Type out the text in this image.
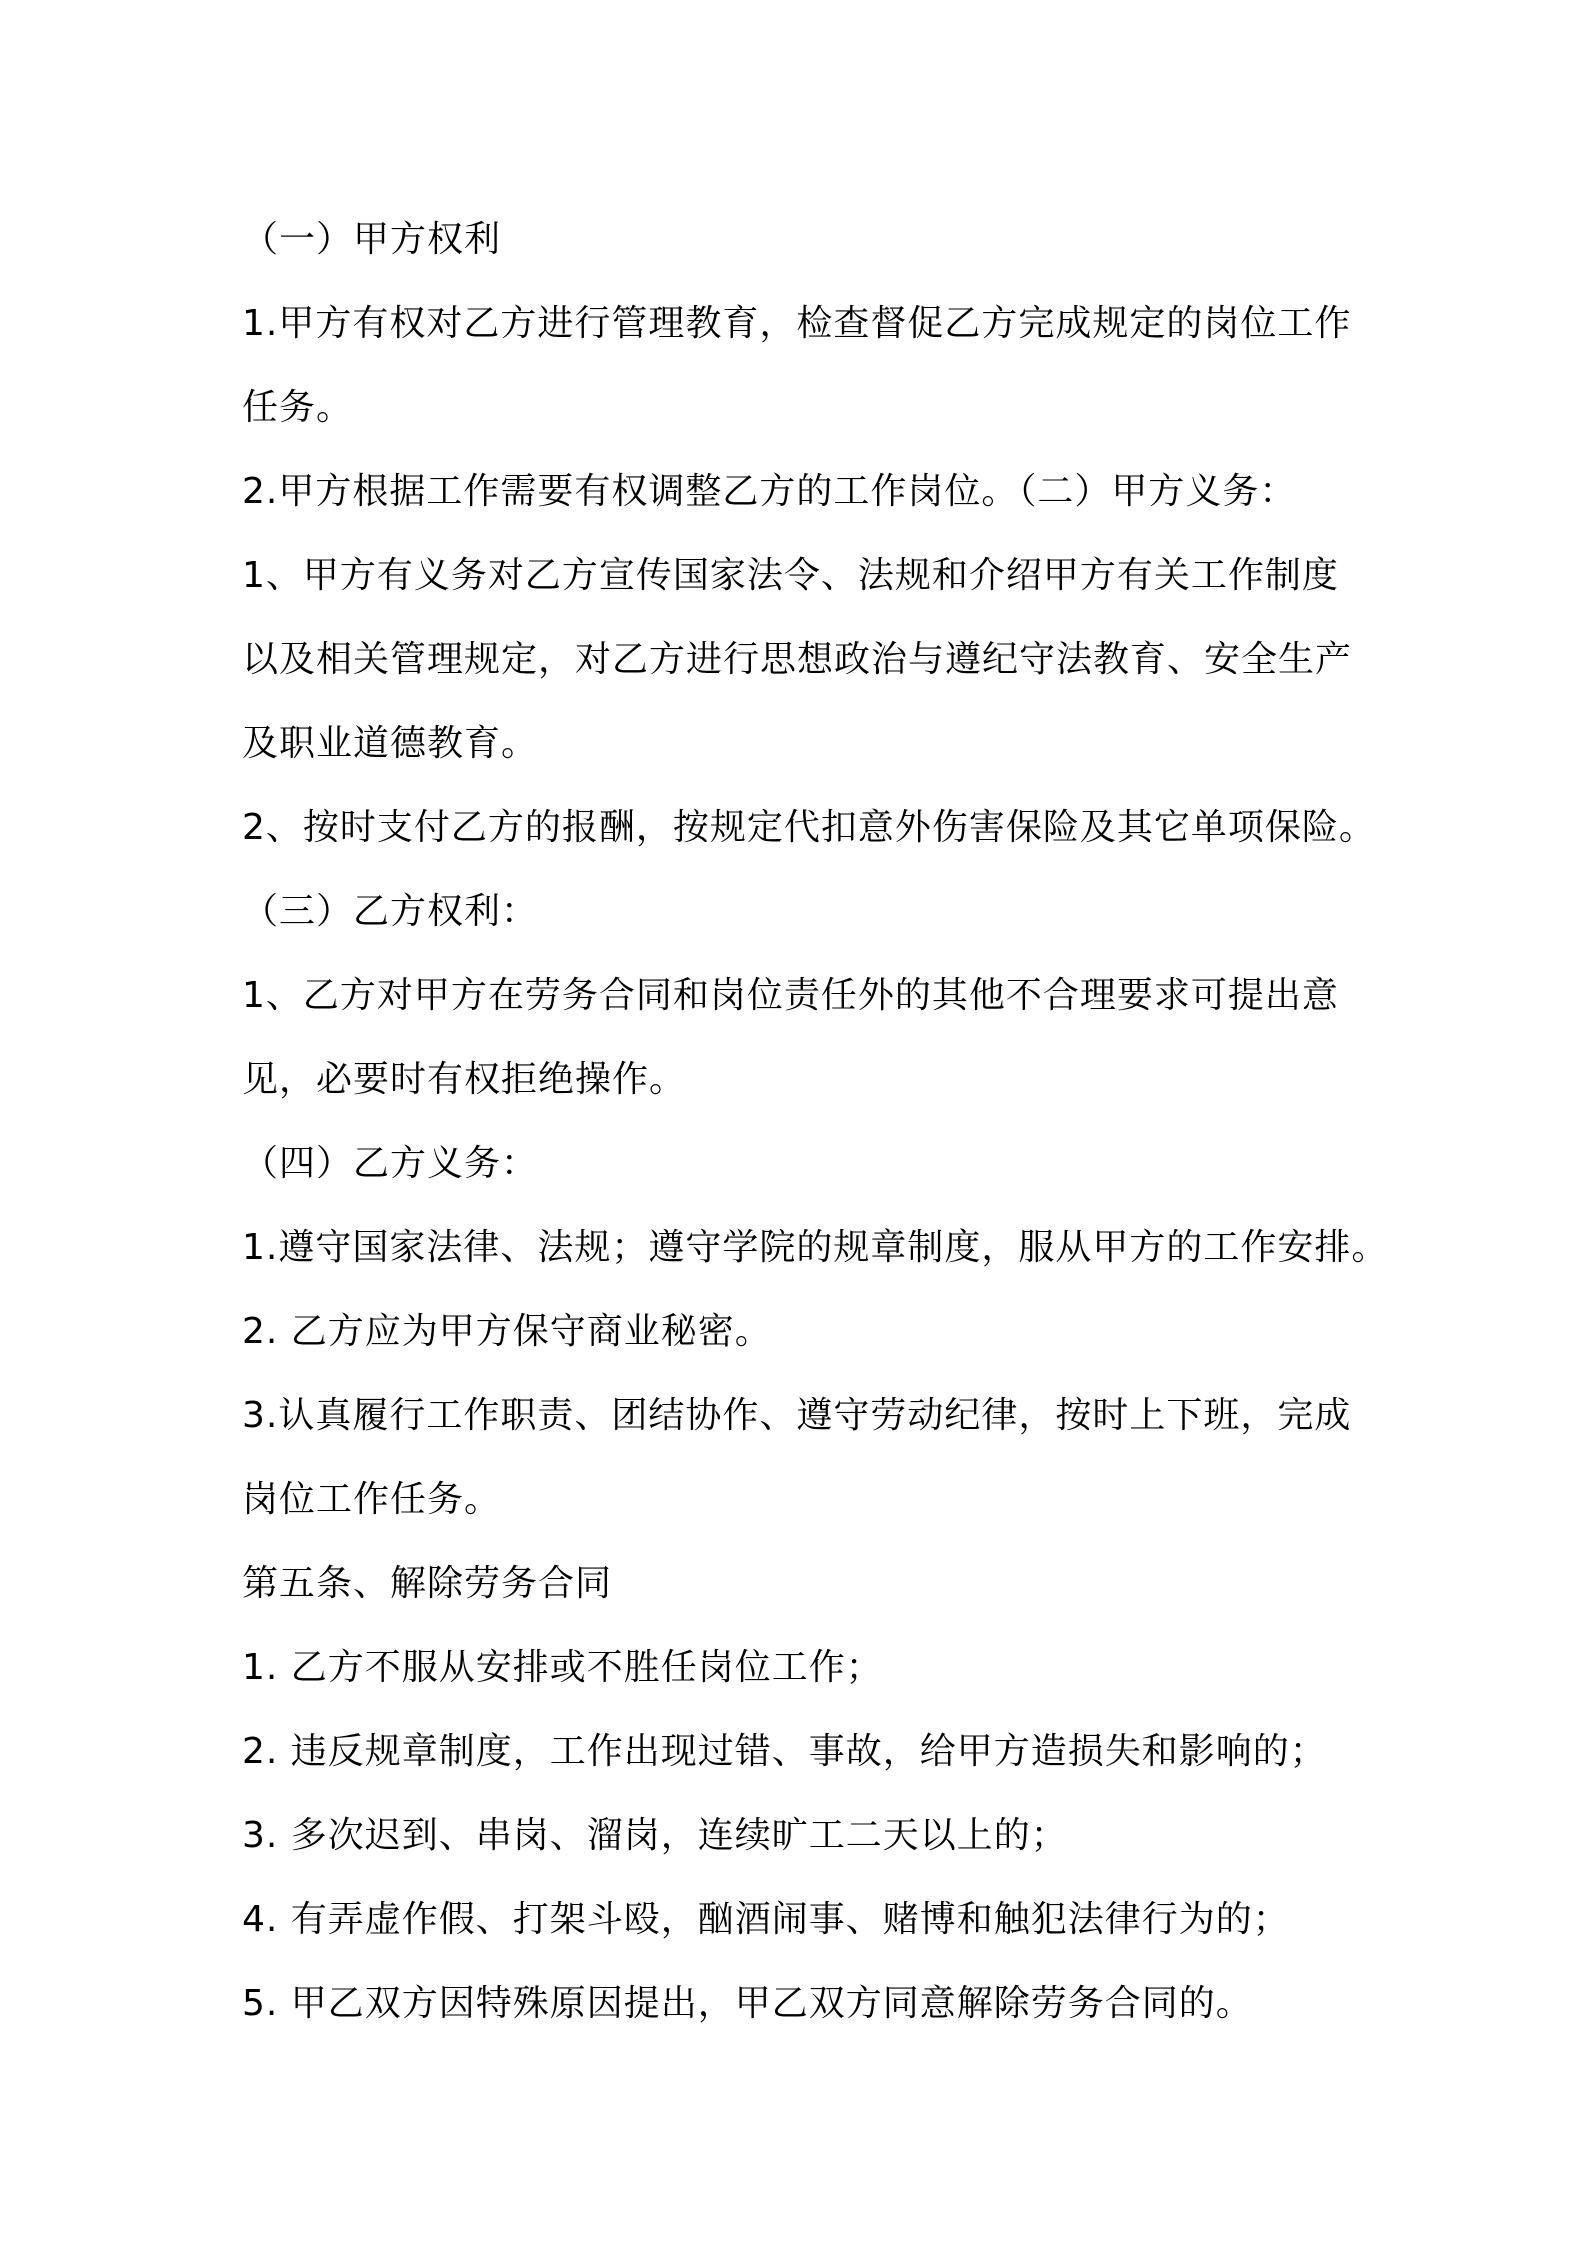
（一）甲方权利
1.甲方有权对乙方进行管理教育，检查督促乙方完成规定的岗位工作
任务。
2.甲方根据工作需要有权调整乙方的工作岗位。（二）甲方义务：
1、甲方有义务对乙方宣传国家法令、法规和介绍甲方有关工作制度
以及相关管理规定，对乙方进行思想政治与遵纪守法教育、安全生产
及职业道德教育。
2、按时支付乙方的报酬，按规定代扣意外伤害保险及其它单项保险。
（三）乙方权利：
1、乙方对甲方在劳务合同和岗位责任外的其他不合理要求可提出意
见，必要时有权拒绝操作。
（四）乙方义务：
1.遵守国家法律、法规；遵守学院的规章制度，服从甲方的工作安排。
2. 乙方应为甲方保守商业秘密。
3.认真履行工作职责、团结协作、遵守劳动纪律，按时上下班，完成
岗位工作任务。
第五条、解除劳务合同
1. 乙方不服从安排或不胜任岗位工作；
2. 违反规章制度，工作出现过错、事故，给甲方造损失和影响的；
3. 多次迟到、串岗、溜岗，连续旷工二天以上的；
4. 有弄虚作假、打架斗殴，酗酒闹事、赌博和触犯法律行为的；
5. 甲乙双方因特殊原因提出，甲乙双方同意解除劳务合同的。
